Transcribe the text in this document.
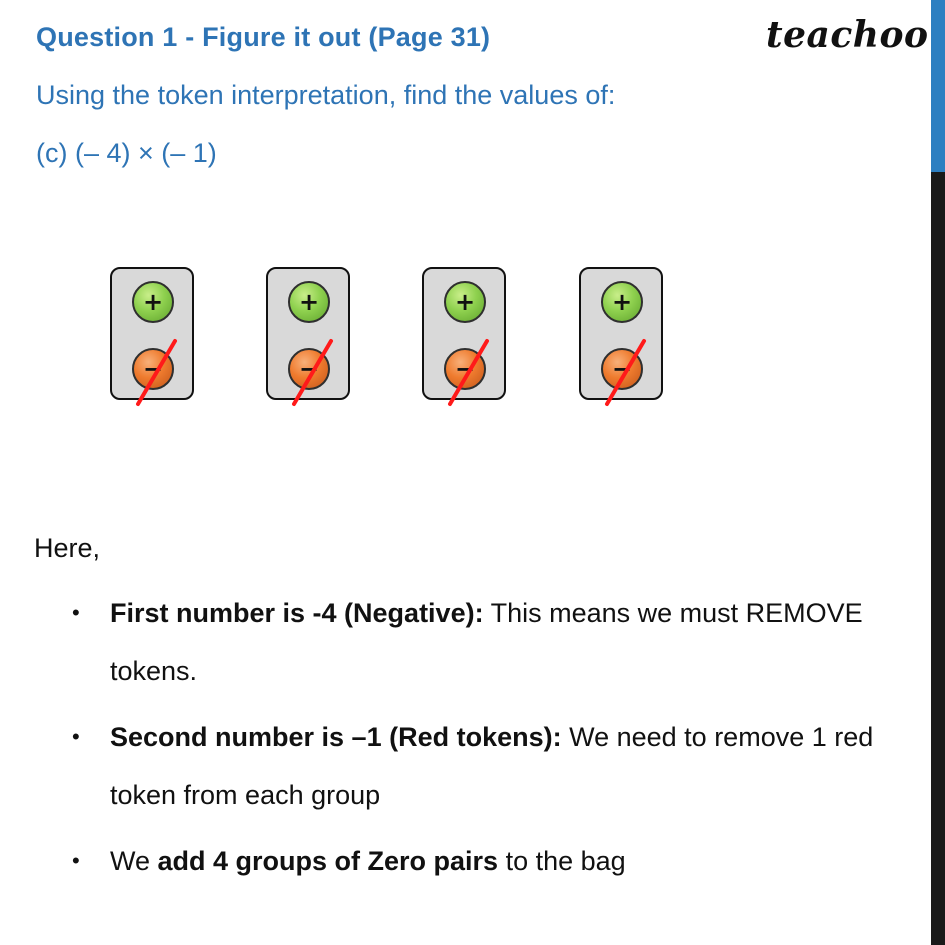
Question 1 - Figure it out (Page 31)	teachoo

Using the token interpretation, find the values of:

(c) (– 4) × (– 1)

+
−
+
−
+
−
+
−

Here,

•	First number is -4 (Negative): This means we must REMOVE
tokens.
•	Second number is –1 (Red tokens): We need to remove 1 red
token from each group
•	We add 4 groups of Zero pairs to the bag
